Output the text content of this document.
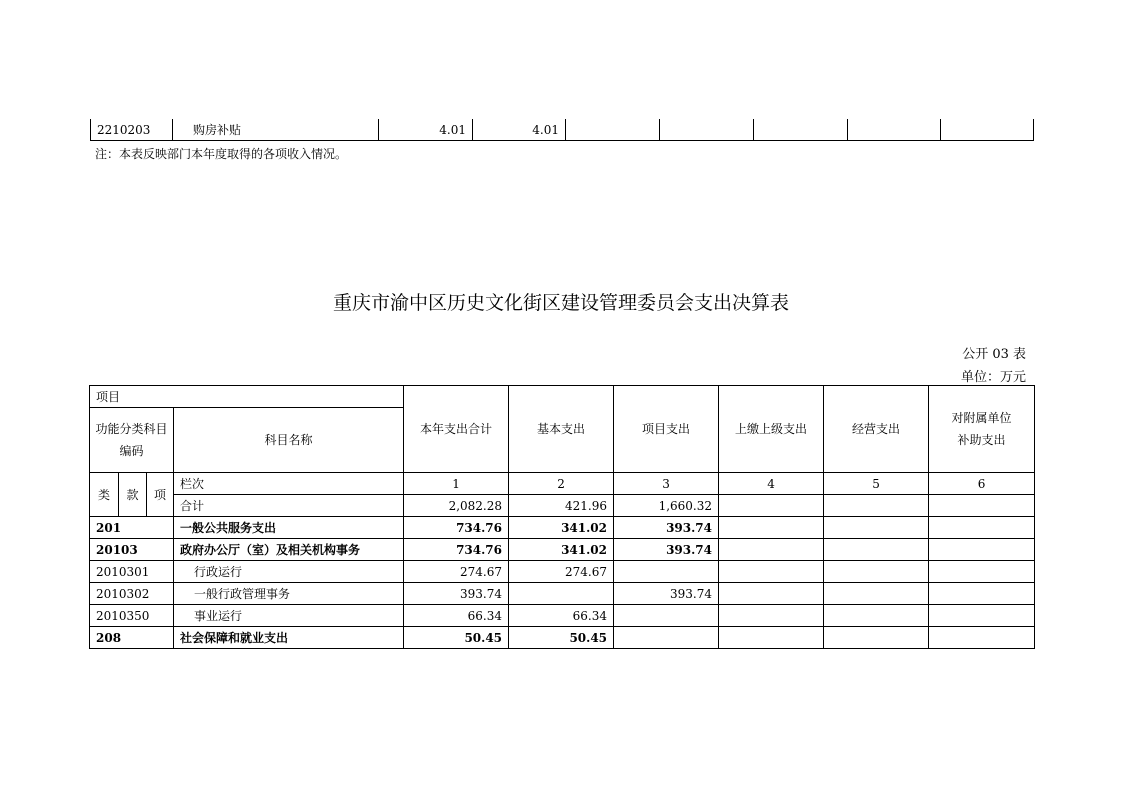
2210203	购房补贴	4.01	4.01					
注：本表反映部门本年度取得的各项收入情况。
重庆市渝中区历史文化街区建设管理委员会支出决算表
公开 03 表
单位：万元
项目				本年支出合计	基本支出	项目支出	上缴上级支出	经营支出	对附属单位补助支出
功能分类科目编码			科目名称						

类	款	项	栏次	1	2	3	4	5	6
			合计	2,082.28	421.96	1,660.32			
201			一般公共服务支出	734.76	341.02	393.74			
20103			政府办公厅（室）及相关机构事务	734.76	341.02	393.74			
2010301			行政运行	274.67	274.67				
2010302			一般行政管理事务	393.74		393.74			
2010350			事业运行	66.34	66.34				
208			社会保障和就业支出	50.45	50.45				
